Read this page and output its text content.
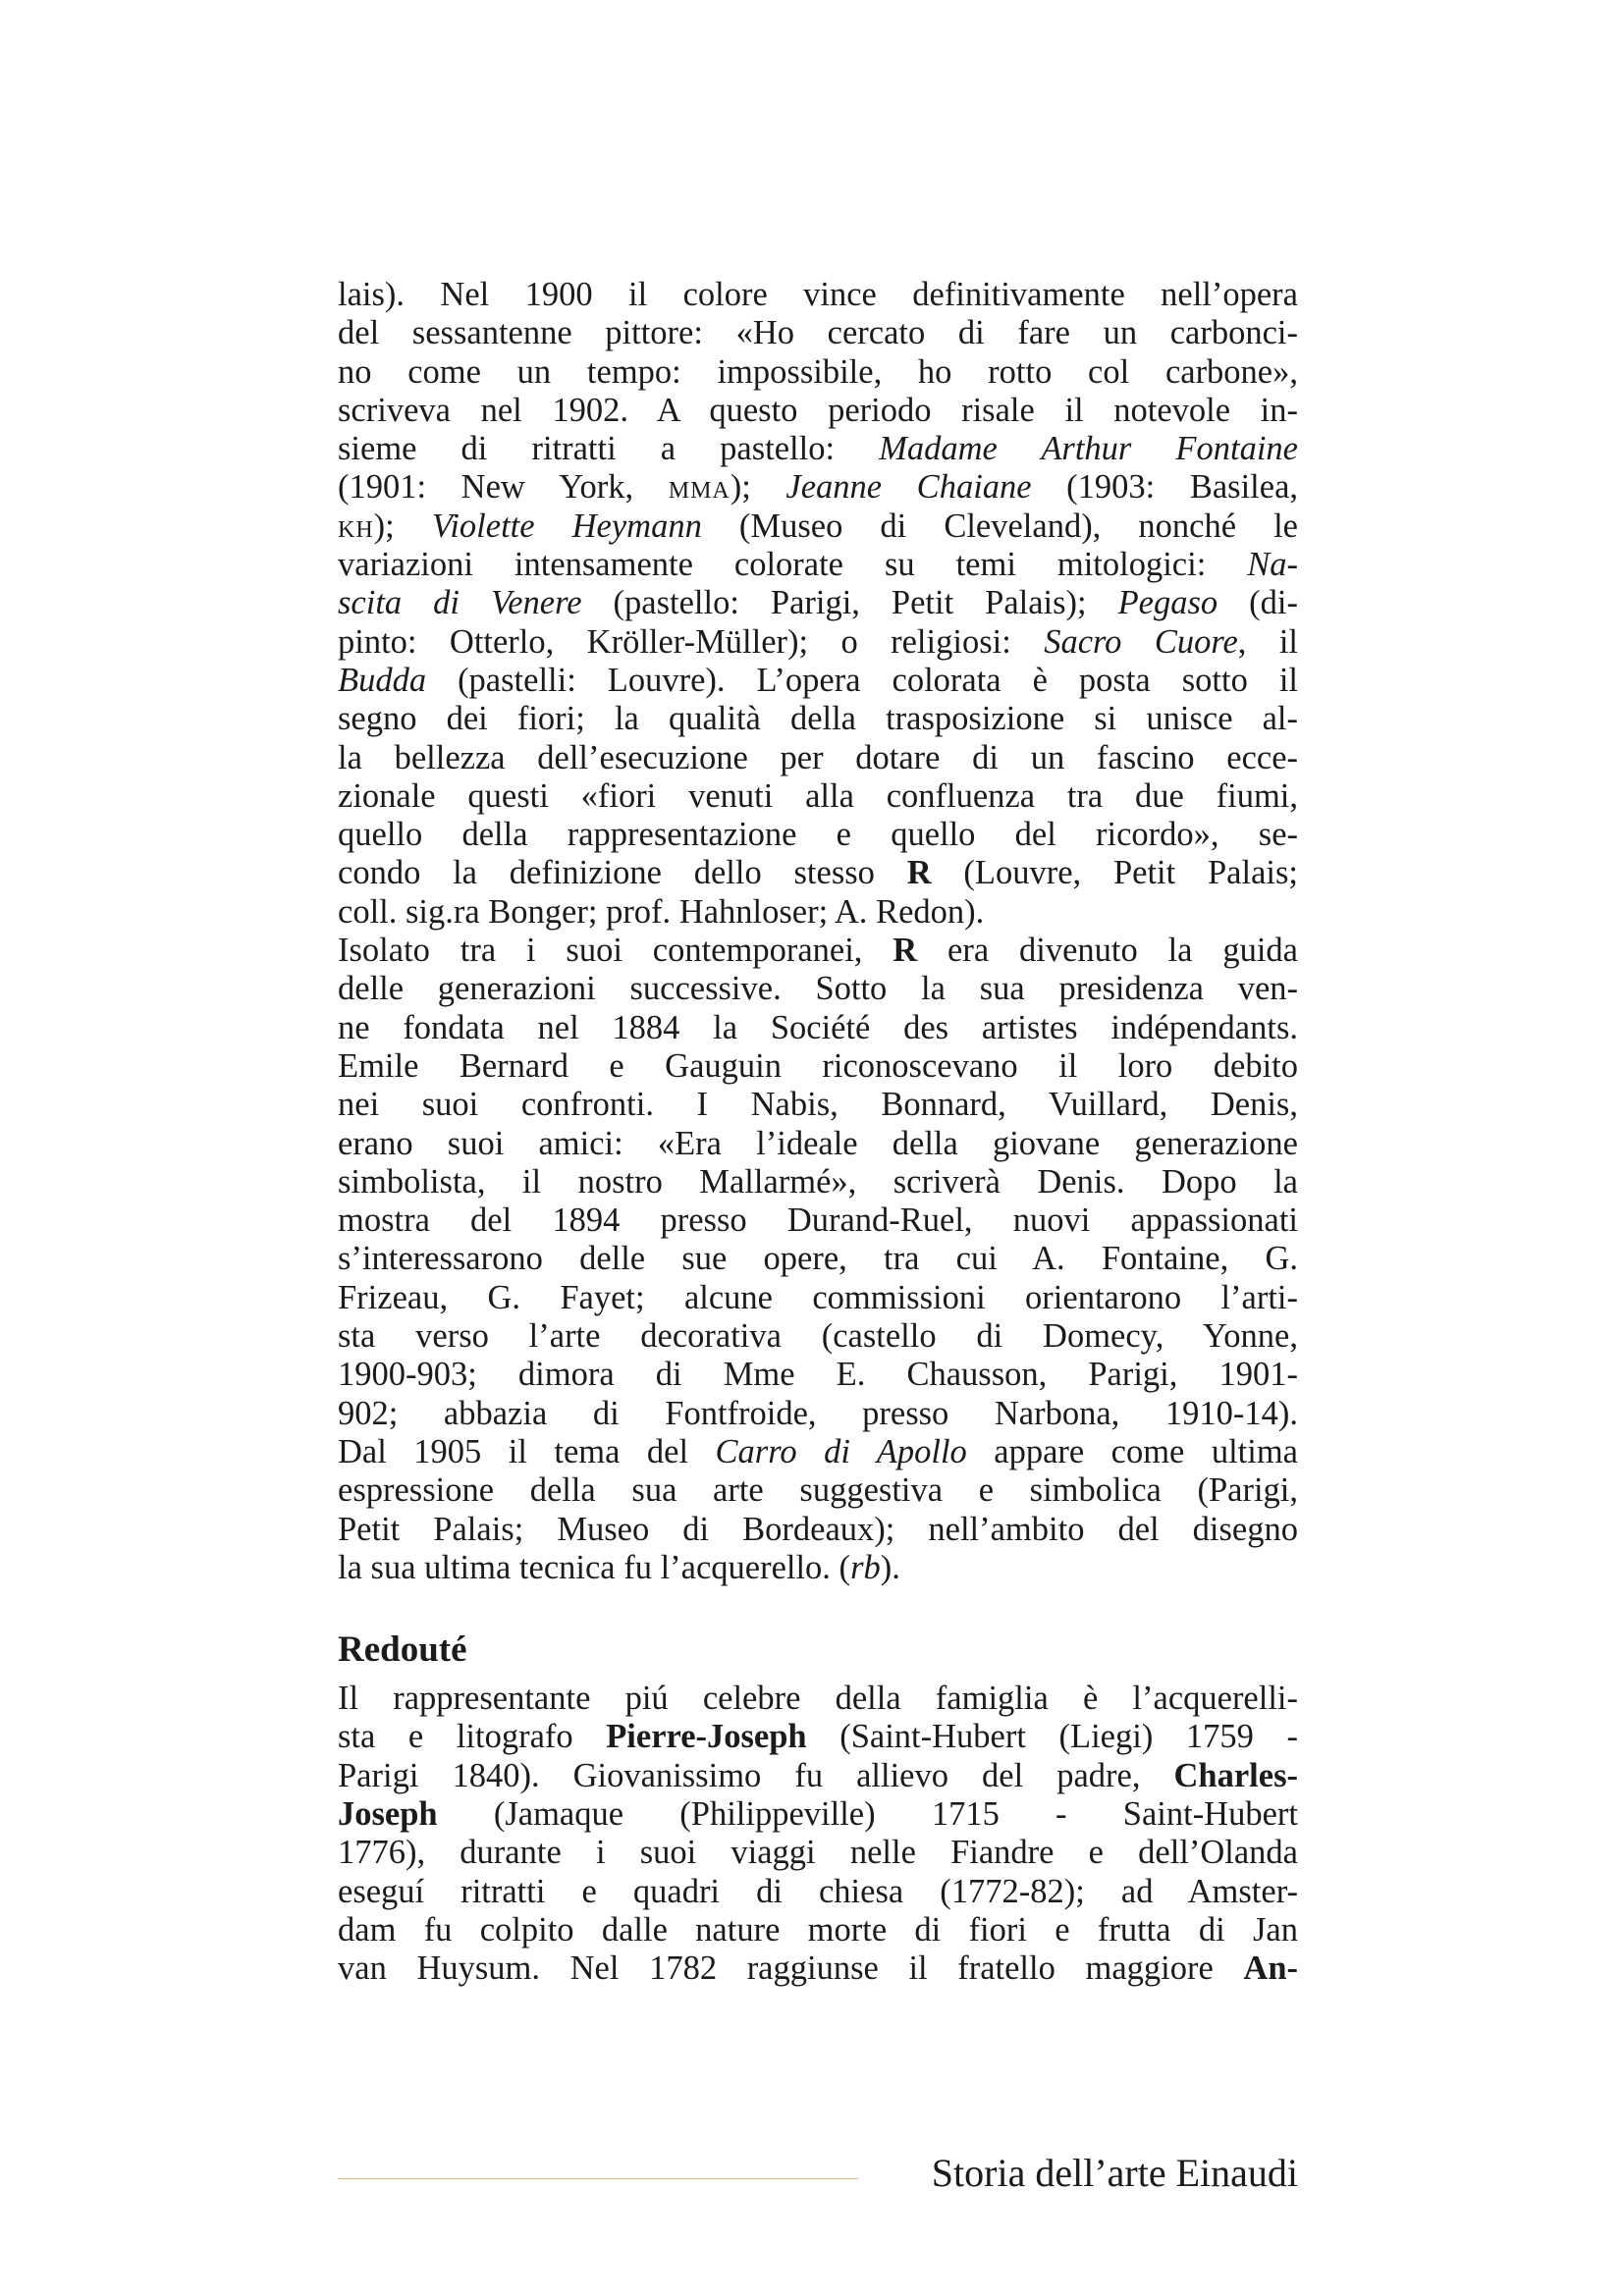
lais). Nel 1900 il colore vince definitivamente nell’opera
del sessantenne pittore: «Ho cercato di fare un carbonci-
no come un tempo: impossibile, ho rotto col carbone»,
scriveva nel 1902. A questo periodo risale il notevole in-
sieme di ritratti a pastello: Madame Arthur Fontaine
(1901: New York, mma); Jeanne Chaiane (1903: Basilea,
kh); Violette Heymann (Museo di Cleveland), nonché le
variazioni intensamente colorate su temi mitologici: Na-
scita di Venere (pastello: Parigi, Petit Palais); Pegaso (di-
pinto: Otterlo, Kröller-Müller); o religiosi: Sacro Cuore, il
Budda (pastelli: Louvre). L’opera colorata è posta sotto il
segno dei fiori; la qualità della trasposizione si unisce al-
la bellezza dell’esecuzione per dotare di un fascino ecce-
zionale questi «fiori venuti alla confluenza tra due fiumi,
quello della rappresentazione e quello del ricordo», se-
condo la definizione dello stesso R (Louvre, Petit Palais;
coll. sig.ra Bonger; prof. Hahnloser; A. Redon).
Isolato tra i suoi contemporanei, R era divenuto la guida
delle generazioni successive. Sotto la sua presidenza ven-
ne fondata nel 1884 la Société des artistes indépendants.
Emile Bernard e Gauguin riconoscevano il loro debito
nei suoi confronti. I Nabis, Bonnard, Vuillard, Denis,
erano suoi amici: «Era l’ideale della giovane generazione
simbolista, il nostro Mallarmé», scriverà Denis. Dopo la
mostra del 1894 presso Durand-Ruel, nuovi appassionati
s’interessarono delle sue opere, tra cui A. Fontaine, G.
Frizeau, G. Fayet; alcune commissioni orientarono l’arti-
sta verso l’arte decorativa (castello di Domecy, Yonne,
1900-903; dimora di Mme E. Chausson, Parigi, 1901-
902; abbazia di Fontfroide, presso Narbona, 1910-14).
Dal 1905 il tema del Carro di Apollo appare come ultima
espressione della sua arte suggestiva e simbolica (Parigi,
Petit Palais; Museo di Bordeaux); nell’ambito del disegno
la sua ultima tecnica fu l’acquerello. (rb).
Redouté
Il rappresentante piú celebre della famiglia è l’acquerelli-
sta e litografo Pierre-Joseph (Saint-Hubert (Liegi) 1759 -
Parigi 1840). Giovanissimo fu allievo del padre, Charles-
Joseph (Jamaque (Philippeville) 1715 - Saint-Hubert
1776), durante i suoi viaggi nelle Fiandre e dell’Olanda
eseguí ritratti e quadri di chiesa (1772-82); ad Amster-
dam fu colpito dalle nature morte di fiori e frutta di Jan
van Huysum. Nel 1782 raggiunse il fratello maggiore An-
Storia dell’arte Einaudi
